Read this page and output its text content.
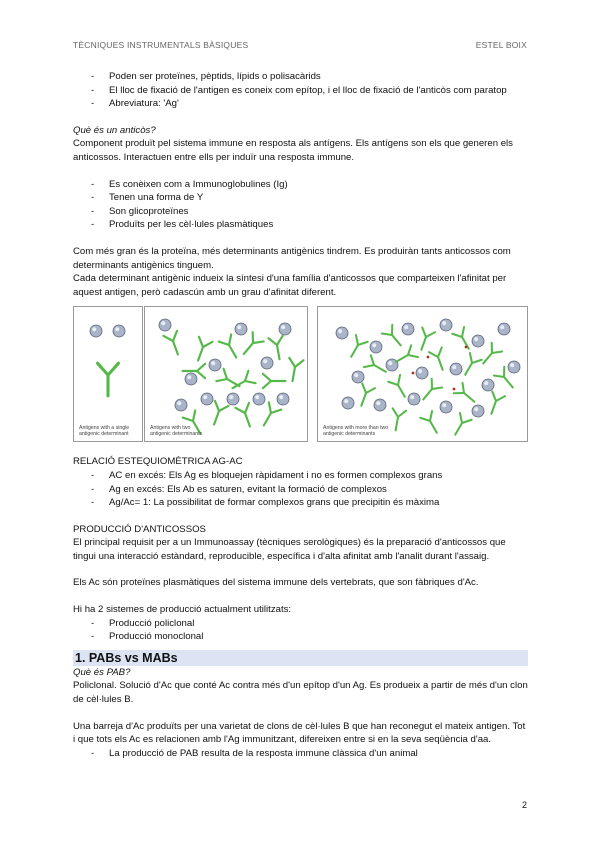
TÈCNIQUES INSTRUMENTALS BÀSIQUES	ESTEL BOIX
- Poden ser proteïnes, pèptids, lípids o polisacàrids
- El lloc de fixació de l'antigen es coneix com epítop, i el lloc de fixació de l'anticòs com paratop
- Abreviatura: 'Ag'

Què és un anticòs?

Component produït pel sistema immune en resposta als antígens. Els antígens son els que generen els anticossos. Interactuen entre ells per induïr una resposta immune.

- Es conèixen com a Immunoglobulines (Ig)
- Tenen una forma de Y
- Son glicoproteïnes
- Produïts per les cèl·lules plasmàtiques

Com més gran és la proteïna, més determinants antigènics tindrem. Es produiràn tants anticossos com determinants antigènics tinguem.

Cada determinant antigènic indueix la síntesi d'una família d'anticossos que comparteixen l'afinitat per aquest antigen, però cadascún amb un grau d'afinitat diferent.

Antigens with a single antigenic determinant
Antigens with two antigenic determinants
Antigens with more than two antigenic determinants

RELACIÓ ESTEQUIOMÈTRICA AG-AC

- AC en excés: Els Ag es bloquejen ràpidament i no es formen complexos grans
- Ag en excés: Els Ab es saturen, evitant la formació de complexos
- Ag/Ac= 1: La possibilitat de formar complexos grans que precipitin és màxima

PRODUCCIÓ D'ANTICOSSOS

El principal requisit per a un Immunoassay (tècniques serològiques) és la preparació d'anticossos que tingui una interacció estàndard, reproducible, específica i d'alta afinitat amb l'analit durant l'assaig.

Els Ac són proteïnes plasmàtiques del sistema immune dels vertebrats, que son fàbriques d'Ac.

Hi ha 2 sistemes de producció actualment utilitzats:

- Producció policlonal
- Producció monoclonal
1. PABs vs MABs

Què és PAB?

Policlonal. Solució d'Ac que conté Ac contra més d'un epítop d'un Ag. Es produeix a partir de més d'un clon de cèl·lules B.

Una barreja d'Ac produïts per una varietat de clons de cèl·lules B que han reconegut el mateix antigen. Tot i que tots els Ac es relacionen amb l'Ag immunitzant, difereixen entre si en la seva seqüència d'aa.

- La producció de PAB resulta de la resposta immune clàssica d'un animal
2
